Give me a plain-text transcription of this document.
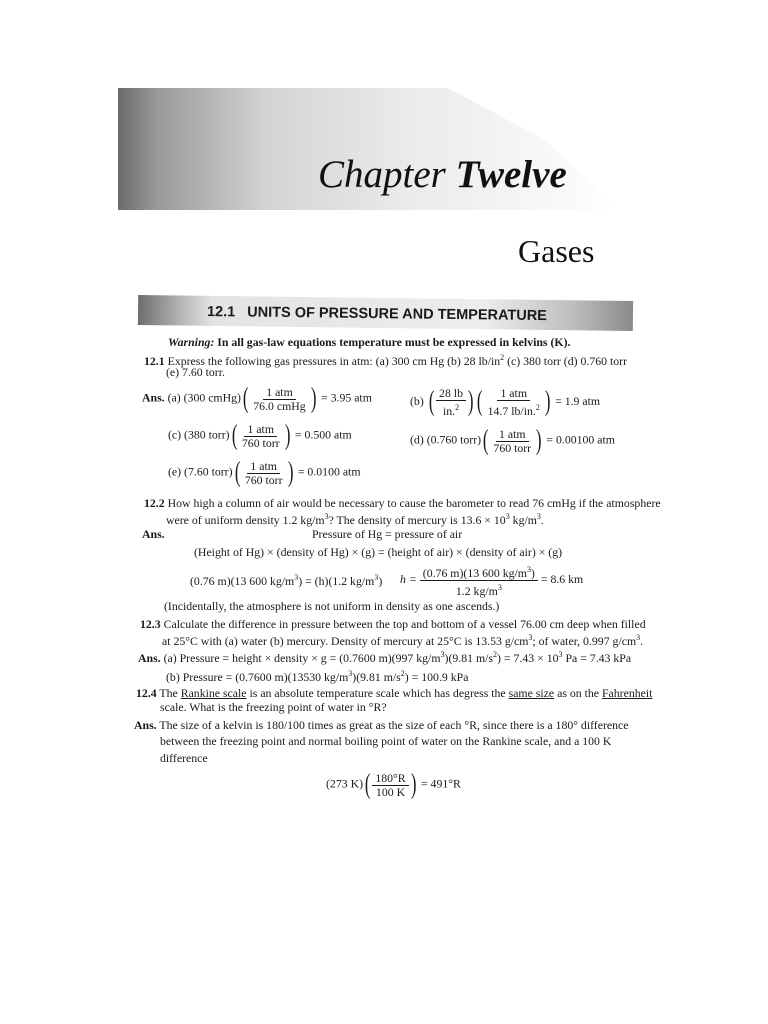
Chapter Twelve
Gases
12.1 UNITS OF PRESSURE AND TEMPERATURE
Warning: In all gas-law equations temperature must be expressed in kelvins (K).
12.1 Express the following gas pressures in atm: (a) 300 cm Hg (b) 28 $lb/in^2$ (c) 380 torr (d) 0.760 torr
(e) 7.60 torr.
Ans. (a) (300 cmHg)( $\frac{\text{1 atm}}{\text{76.0 cmHg}}$ ) = 3.95 atm	(b) ( $\frac{28 lb}{in.^2}$ ) ( $\frac{\text{1 atm}}{14.7 lb/in.^2}$ ) = 1.9 atm
(c) (380 torr)( $\frac{\text{1 atm}}{\text{760 torr}}$ ) = 0.500 atm	(d) (0.760 torr)( $\frac{\text{1 atm}}{\text{760 torr}}$ ) = 0.00100 atm
(e) (7.60 torr)( $\frac{\text{1 atm}}{\text{760 torr}}$ ) = 0.0100 atm
12.2 How high a column of air would be necessary to cause the barometer to read 76 cmHg if the atmosphere
were of uniform density 1.2 $kg/m^3$? The density of mercury is $13.6 \times 10^3$ $kg/m^3$.
Ans.	Pressure of Hg = pressure of air
(Height of Hg) × (density of Hg) × (g) = (height of air) × (density of air) × (g)
(0.76 m)(13 600 $kg/m^3) = (h)(1.2$ $kg/m^3$) $h = \frac{(0.76 m)(13 600 kg/m^3)}{1.2 kg/m^3} = 8.6$ km
(Incidentally, the atmosphere is not uniform in density as one ascends.)
12.3 Calculate the difference in pressure between the top and bottom of a vessel 76.00 cm deep when filled
at 25°C with (a) water (b) mercury. Density of mercury at 25°C is 13.53 $g/cm^3$; of water, 0.997 $g/cm^3$.
Ans. (a) Pressure = height × density × g = (0.7600 m)(997 $kg/m^3)(9.81$ $m/s^2) = 7.43 \times 10^3$ Pa = 7.43 kPa
(b) Pressure = (0.7600 m)(13530 $kg/m^3)(9.81$ $m/s^2) = 100.9$ kPa
12.4 The Rankine scale is an absolute temperature scale which has degress the same size as on the Fahrenheit
scale. What is the freezing point of water in °R?
Ans. The size of a kelvin is 180/100 times as great as the size of each °R, since there is a 180° difference
between the freezing point and normal boiling point of water on the Rankine scale, and a 100 K
difference
(273 $K)( \frac{180^\circ R}{100 K}$ ) = 491°R
